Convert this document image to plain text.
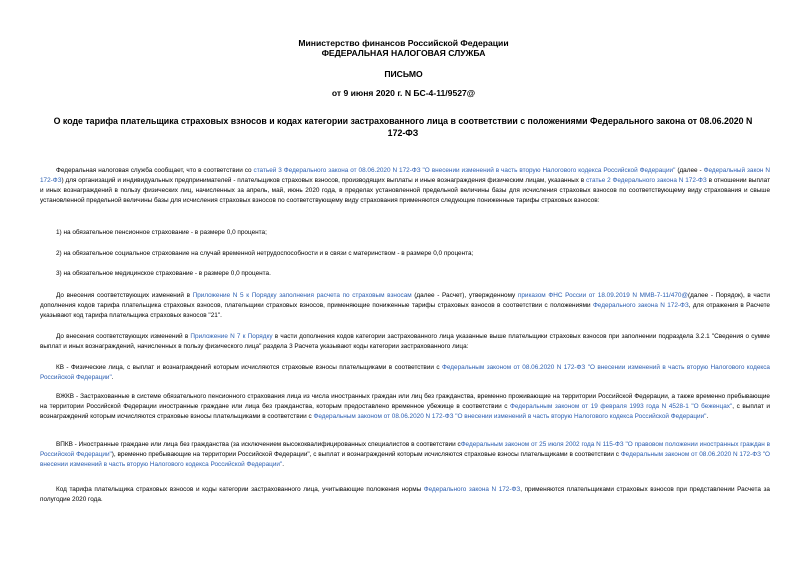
Министерство финансов Российской Федерации
ФЕДЕРАЛЬНАЯ НАЛОГОВАЯ СЛУЖБА
ПИСЬМО
от 9 июня 2020 г. N БС-4-11/9527@
О коде тарифа плательщика страховых взносов и кодах категории застрахованного лица в соответствии с положениями Федерального закона от 08.06.2020 N 172-ФЗ
Федеральная налоговая служба сообщает, что в соответствии со статьей 3 Федерального закона от 08.06.2020 N 172-ФЗ "О внесении изменений в часть вторую Налогового кодекса Российской Федерации" (далее - Федеральный закон N 172-ФЗ) для организаций и индивидуальных предпринимателей - плательщиков страховых взносов, производящих выплаты и иные вознаграждения физическим лицам, указанных в статье 2 Федерального закона N 172-ФЗ в отношении выплат и иных вознаграждений в пользу физических лиц, начисленных за апрель, май, июнь 2020 года, в пределах установленной предельной величины базы для исчисления страховых взносов по соответствующему виду страхования и свыше установленной предельной величины базы для исчисления страховых взносов по соответствующему виду страхования применяются следующие пониженные тарифы страховых взносов:
1) на обязательное пенсионное страхование - в размере 0,0 процента;
2) на обязательное социальное страхование на случай временной нетрудоспособности и в связи с материнством - в размере 0,0 процента;
3) на обязательное медицинское страхование - в размере 0,0 процента.
До внесения соответствующих изменений в Приложение N 5 к Порядку заполнения расчета по страховым взносам (далее - Расчет), утвержденному приказом ФНС России от 18.09.2019 N ММВ-7-11/470@(далее - Порядок), в части дополнения кодов тарифа плательщика страховых взносов, плательщики страховых взносов, применяющие пониженные тарифы страховых взносов в соответствии с положениями Федерального закона N 172-ФЗ, для отражения в Расчете указывают код тарифа плательщика страховых взносов "21".
До внесения соответствующих изменений в Приложение N 7 к Порядку в части дополнения кодов категории застрахованного лица указанные выше плательщики страховых взносов при заполнении подраздела 3.2.1 "Сведения о сумме выплат и иных вознаграждений, начисленных в пользу физического лица" раздела 3 Расчета указывают коды категории застрахованного лица:
КВ - Физические лица, с выплат и вознаграждений которым исчисляются страховые взносы плательщиками в соответствии с Федеральным законом от 08.06.2020 N 172-ФЗ "О внесении изменений в часть вторую Налогового кодекса Российской Федерации".
ВЖКВ - Застрахованные в системе обязательного пенсионного страхования лица из числа иностранных граждан или лиц без гражданства, временно проживающие на территории Российской Федерации, а также временно пребывающие на территории Российской Федерации иностранные граждане или лица без гражданства, которым предоставлено временное убежище в соответствии с Федеральным законом от 19 февраля 1993 года N 4528-1 "О беженцах", с выплат и вознаграждений которым исчисляются страховые взносы плательщиками в соответствии с Федеральным законом от 08.06.2020 N 172-ФЗ "О внесении изменений в часть вторую Налогового кодекса Российской Федерации".
ВПКВ - Иностранные граждане или лица без гражданства (за исключением высококвалифицированных специалистов в соответствии сФедеральным законом от 25 июля 2002 года N 115-ФЗ "О правовом положении иностранных граждан в Российской Федерации"), временно пребывающие на территории Российской Федерации", с выплат и вознаграждений которым исчисляются страховые взносы плательщиками в соответствии с Федеральным законом от 08.06.2020 N 172-ФЗ "О внесении изменений в часть вторую Налогового кодекса Российской Федерации".
Код тарифа плательщика страховых взносов и коды категории застрахованного лица, учитывающие положения нормы Федерального закона N 172-ФЗ, применяются плательщиками страховых взносов при представлении Расчета за полугодие 2020 года.
